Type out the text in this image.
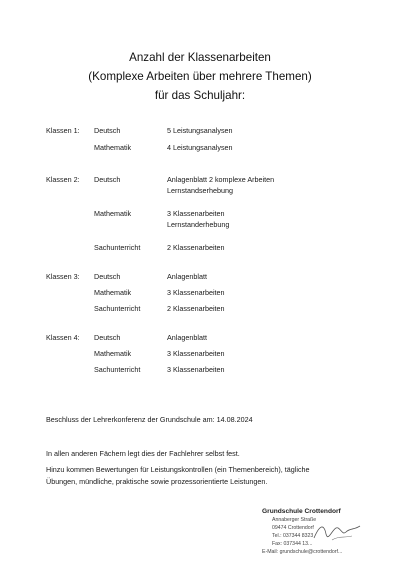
Anzahl der Klassenarbeiten
(Komplexe Arbeiten über mehrere Themen)
für das Schuljahr:
Klassen 1: Deutsch	5 Leistungsanalysen
Mathematik	4 Leistungsanalysen
Klassen 2: Deutsch	Anlagenblatt 2 komplexe Arbeiten
Lernstandserhebung
Mathematik	3 Klassenarbeiten
Lernstanderhebung
Sachunterricht	2 Klassenarbeiten
Klassen 3: Deutsch	Anlagenblatt
Mathematik	3 Klassenarbeiten
Sachunterricht	2 Klassenarbeiten
Klassen 4: Deutsch	Anlagenblatt
Mathematik	3 Klassenarbeiten
Sachunterricht	3 Klassenarbeiten
Beschluss der Lehrerkonferenz der Grundschule am: 14.08.2024
In allen anderen Fächern legt dies der Fachlehrer selbst fest.
Hinzu kommen Bewertungen für Leistungskontrollen (ein Themenbereich), tägliche
Übungen, mündliche, praktische sowie prozessorientierte Leistungen.
Grundschule Crottendorf
Annaberger Straße
09474 Crottendorf
Tel.: 037344 8323
Fax: 037344 13...
E-Mail: grundschule@crottendorf...
